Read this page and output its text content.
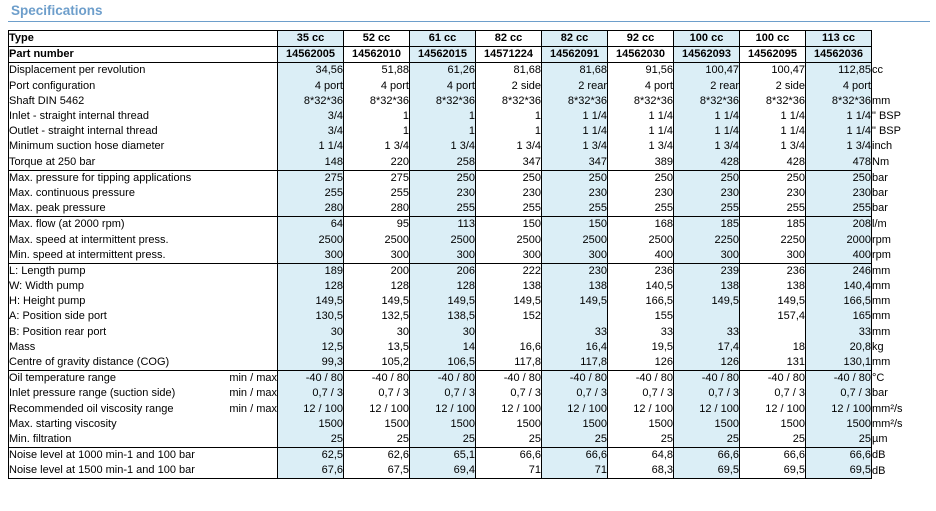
Specifications
Type		35 cc	52 cc	61 cc	82 cc	82 cc	92 cc	100 cc	100 cc	113 cc	
Part number		14562005	14562010	14562015	14571224	14562091	14562030	14562093	14562095	14562036	
Displacement per revolution		34,56	51,88	61,26	81,68	81,68	91,56	100,47	100,47	112,85	cc
Port configuration		4 port	4 port	4 port	2 side	2 rear	4 port	2 rear	2 side	4 port	
Shaft DIN 5462		8*32*36	8*32*36	8*32*36	8*32*36	8*32*36	8*32*36	8*32*36	8*32*36	8*32*36	mm
Inlet - straight internal thread		3/4	1	1	1	1 1/4	1 1/4	1 1/4	1 1/4	1 1/4	" BSP
Outlet - straight internal thread		3/4	1	1	1	1 1/4	1 1/4	1 1/4	1 1/4	1 1/4	" BSP
Minimum suction hose diameter		1 1/4	1 3/4	1 3/4	1 3/4	1 3/4	1 3/4	1 3/4	1 3/4	1 3/4	inch
Torque at 250 bar		148	220	258	347	347	389	428	428	478	Nm
Max. pressure for tipping applications		275	275	250	250	250	250	250	250	250	bar
Max. continuous pressure		255	255	230	230	230	230	230	230	230	bar
Max. peak pressure		280	280	255	255	255	255	255	255	255	bar
Max. flow (at 2000 rpm)		64	95	113	150	150	168	185	185	208	l/m
Max. speed at intermittent press.		2500	2500	2500	2500	2500	2500	2250	2250	2000	rpm
Min. speed at intermittent press.		300	300	300	300	300	400	300	300	400	rpm
L: Length pump		189	200	206	222	230	236	239	236	246	mm
W: Width pump		128	128	128	138	138	140,5	138	138	140,4	mm
H: Height pump		149,5	149,5	149,5	149,5	149,5	166,5	149,5	149,5	166,5	mm
A: Position side port		130,5	132,5	138,5	152		155		157,4	165	mm
B: Position rear port		30	30	30		33	33	33		33	mm
Mass		12,5	13,5	14	16,6	16,4	19,5	17,4	18	20,8	kg
Centre of gravity distance (COG)		99,3	105,2	106,5	117,8	117,8	126	126	131	130,1	mm
Oil temperature range	min / max	-40 / 80	-40 / 80	-40 / 80	-40 / 80	-40 / 80	-40 / 80	-40 / 80	-40 / 80	-40 / 80	°C
Inlet pressure range (suction side)	min / max	0,7 / 3	0,7 / 3	0,7 / 3	0,7 / 3	0,7 / 3	0,7 / 3	0,7 / 3	0,7 / 3	0,7 / 3	bar
Recommended oil viscosity range	min / max	12 / 100	12 / 100	12 / 100	12 / 100	12 / 100	12 / 100	12 / 100	12 / 100	12 / 100	mm²/s
Max. starting viscosity		1500	1500	1500	1500	1500	1500	1500	1500	1500	mm²/s
Min. filtration		25	25	25	25	25	25	25	25	25	µm
Noise level at 1000 min-1 and 100 bar		62,5	62,6	65,1	66,6	66,6	64,8	66,6	66,6	66,6	dB
Noise level at 1500 min-1 and 100 bar		67,6	67,5	69,4	71	71	68,3	69,5	69,5	69,5	dB
